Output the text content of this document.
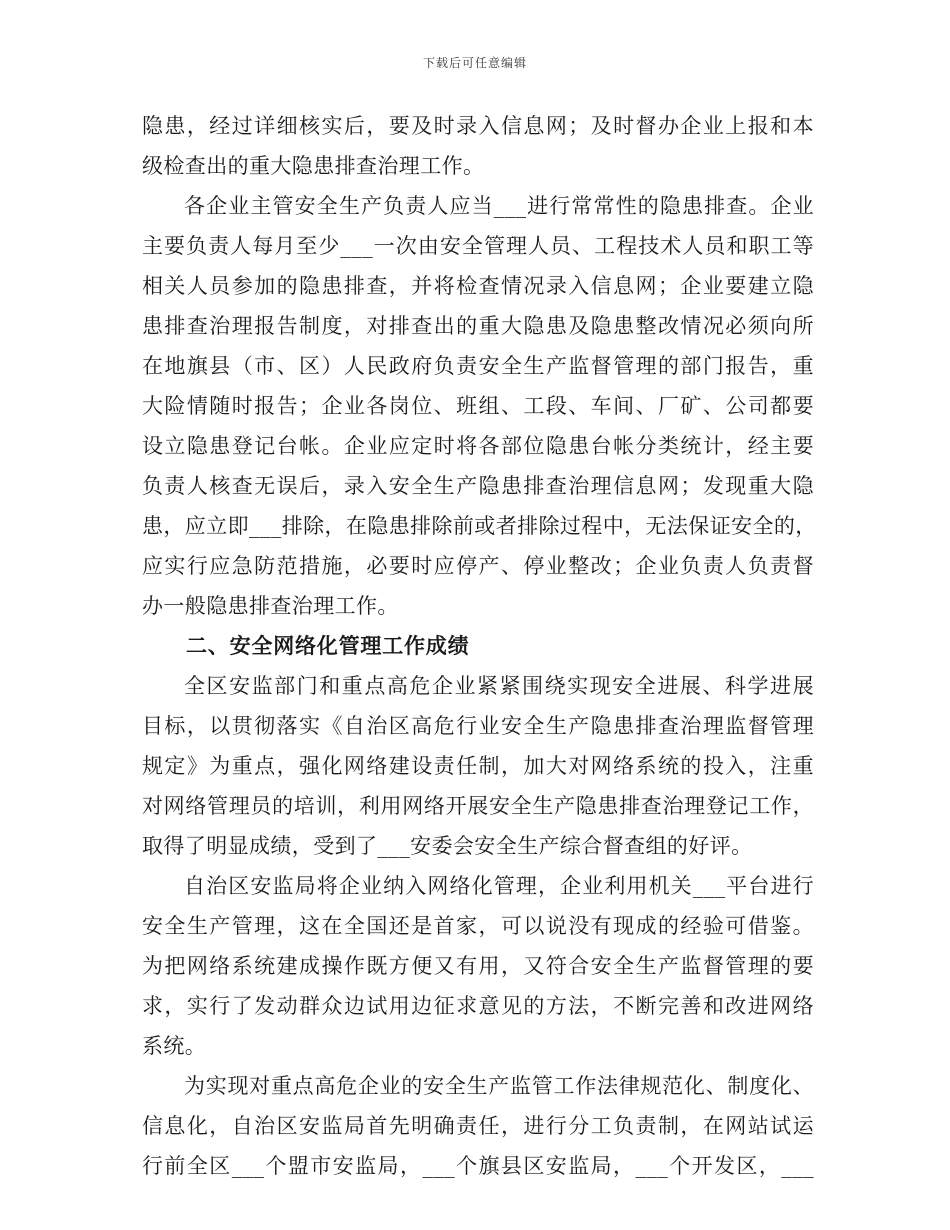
下载后可任意编辑
隐患，经过详细核实后，要及时录入信息网；及时督办企业上报和本
级检查出的重大隐患排查治理工作。
各企业主管安全生产负责人应当___进行常常性的隐患排查。企业
主要负责人每月至少___一次由安全管理人员、工程技术人员和职工等
相关人员参加的隐患排查，并将检查情况录入信息网；企业要建立隐
患排查治理报告制度，对排查出的重大隐患及隐患整改情况必须向所
在地旗县（市、区）人民政府负责安全生产监督管理的部门报告，重
大险情随时报告；企业各岗位、班组、工段、车间、厂矿、公司都要
设立隐患登记台帐。企业应定时将各部位隐患台帐分类统计，经主要
负责人核查无误后，录入安全生产隐患排查治理信息网；发现重大隐
患，应立即___排除，在隐患排除前或者排除过程中，无法保证安全的，
应实行应急防范措施，必要时应停产、停业整改；企业负责人负责督
办一般隐患排查治理工作。
二、安全网络化管理工作成绩
全区安监部门和重点高危企业紧紧围绕实现安全进展、科学进展
目标，以贯彻落实《自治区高危行业安全生产隐患排查治理监督管理
规定》为重点，强化网络建设责任制，加大对网络系统的投入，注重
对网络管理员的培训，利用网络开展安全生产隐患排查治理登记工作，
取得了明显成绩，受到了___安委会安全生产综合督查组的好评。
自治区安监局将企业纳入网络化管理，企业利用机关___平台进行
安全生产管理，这在全国还是首家，可以说没有现成的经验可借鉴。
为把网络系统建成操作既方便又有用，又符合安全生产监督管理的要
求，实行了发动群众边试用边征求意见的方法，不断完善和改进网络
系统。
为实现对重点高危企业的安全生产监管工作法律规范化、制度化、
信息化，自治区安监局首先明确责任，进行分工负责制，在网站试运
行前全区___个盟市安监局，___个旗县区安监局，___个开发区，___
